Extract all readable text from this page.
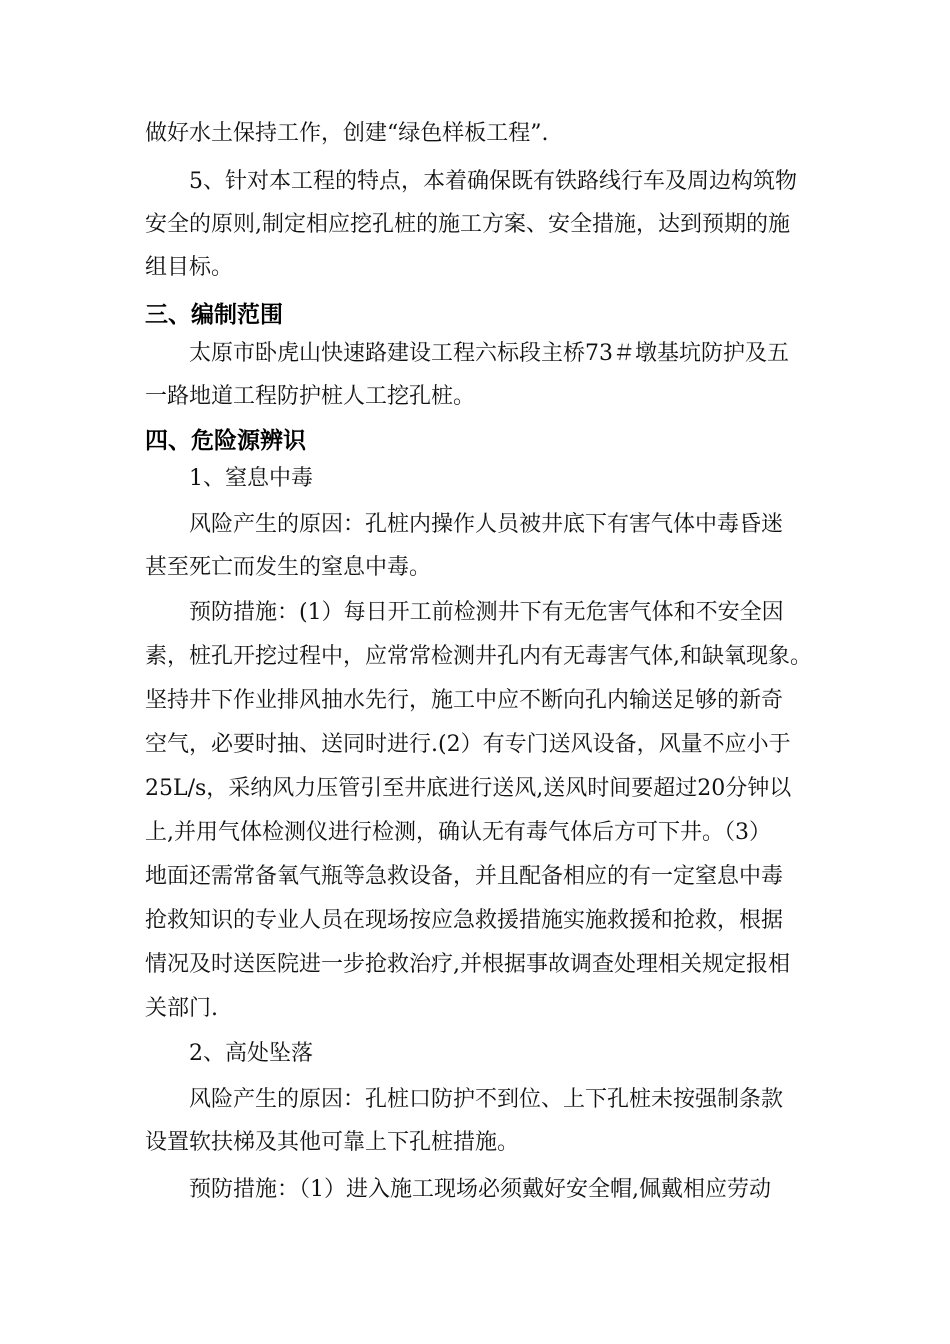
做好水土保持工作，创建“绿色样板工程”.
5、针对本工程的特点，本着确保既有铁路线行车及周边构筑物
安全的原则,制定相应挖孔桩的施工方案、安全措施，达到预期的施
组目标。
三、编制范围
太原市卧虎山快速路建设工程六标段主桥73＃墩基坑防护及五
一路地道工程防护桩人工挖孔桩。
四、危险源辨识
1、窒息中毒
风险产生的原因：孔桩内操作人员被井底下有害气体中毒昏迷
甚至死亡而发生的窒息中毒。
预防措施：(1）每日开工前检测井下有无危害气体和不安全因
素，桩孔开挖过程中，应常常检测井孔内有无毒害气体,和缺氧现象。
坚持井下作业排风抽水先行，施工中应不断向孔内输送足够的新奇
空气，必要时抽、送同时进行.(2）有专门送风设备，风量不应小于
25L/s，采纳风力压管引至井底进行送风,送风时间要超过20分钟以
上,并用气体检测仪进行检测，确认无有毒气体后方可下井。（3）
地面还需常备氧气瓶等急救设备，并且配备相应的有一定窒息中毒
抢救知识的专业人员在现场按应急救援措施实施救援和抢救，根据
情况及时送医院进一步抢救治疗,并根据事故调查处理相关规定报相
关部门.
2、高处坠落
风险产生的原因：孔桩口防护不到位、上下孔桩未按强制条款
设置软扶梯及其他可靠上下孔桩措施。
预防措施：（1）进入施工现场必须戴好安全帽,佩戴相应劳动
